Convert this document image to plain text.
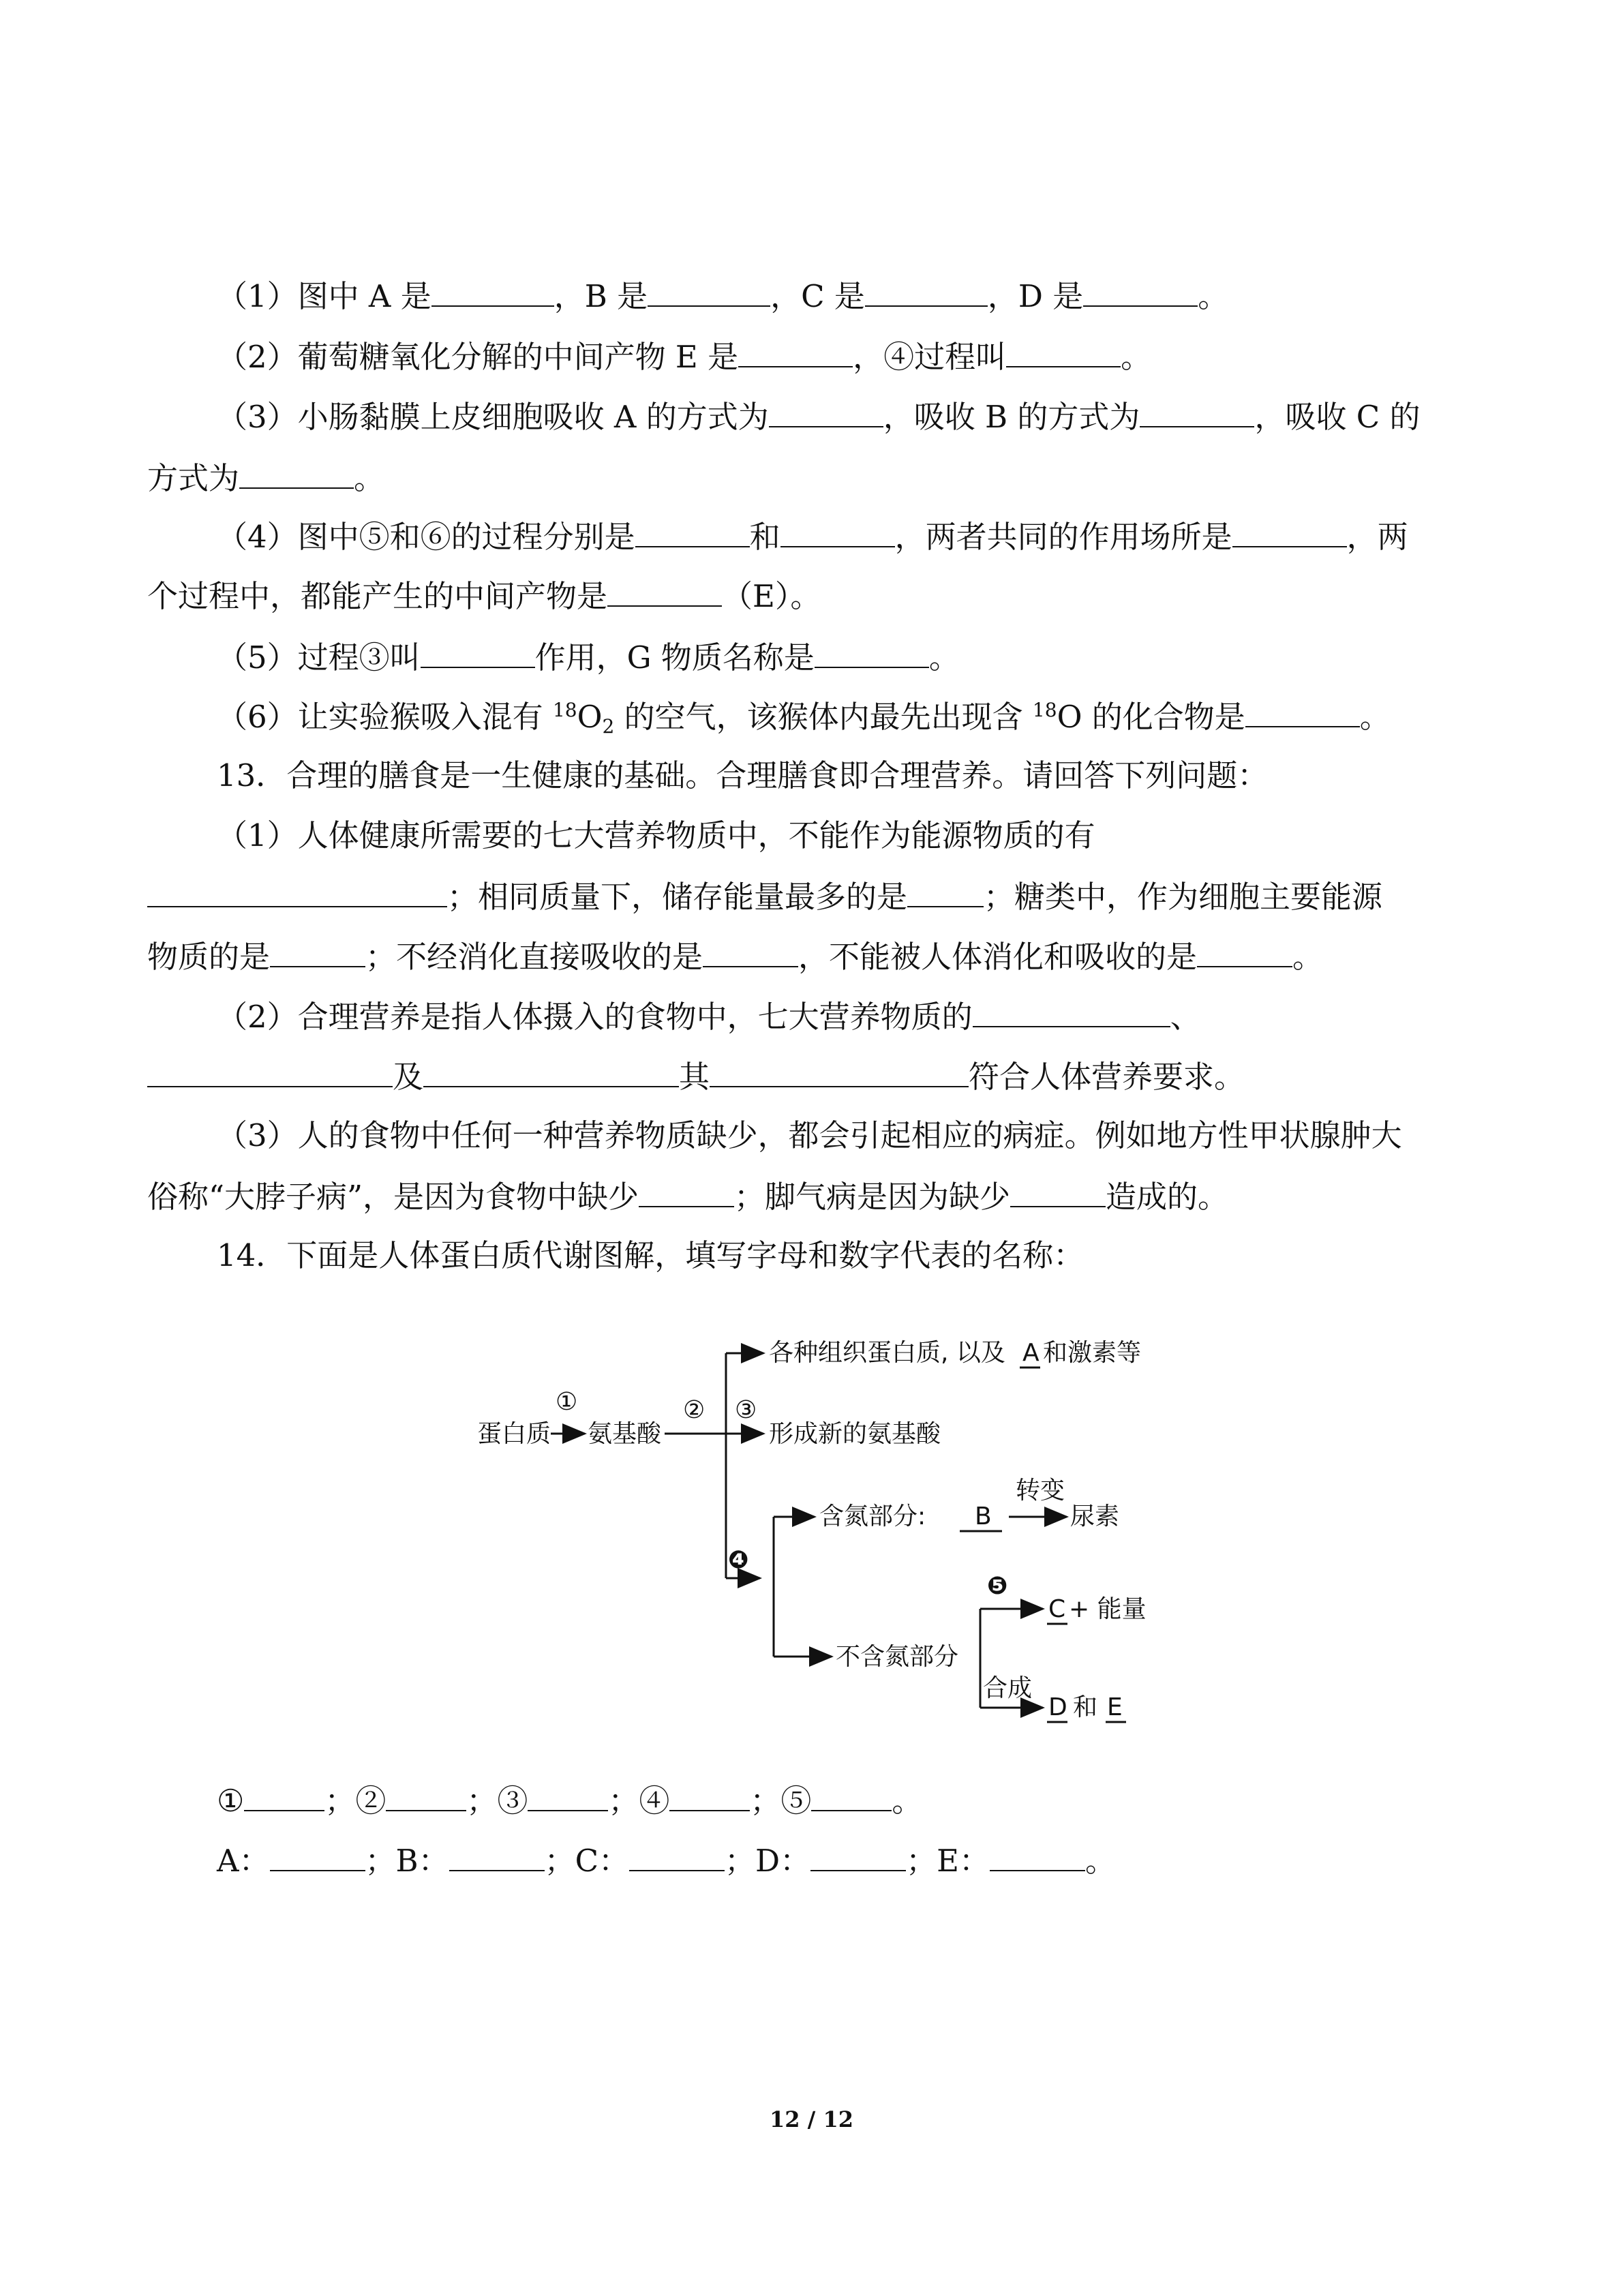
（1）图中 A 是	，B 是	，C 是	，D 是	。
（2）葡萄糖氧化分解的中间产物 E 是	，④过程叫	。
（3）小肠黏膜上皮细胞吸收 A 的方式为	，吸收 B 的方式为	，吸收 C 的
方式为	。
（4）图中⑤和⑥的过程分别是	和	，两者共同的作用场所是	，两
个过程中，都能产生的中间产物是	（E）。
（5）过程③叫	作用，G 物质名称是	。
（6）让实验猴吸入混有 $^{18}O_2$ 的空气，该猴体内最先出现含 $^{18}$O 的化合物是	。
13．合理的膳食是一生健康的基础。合理膳食即合理营养。请回答下列问题：
（1）人体健康所需要的七大营养物质中，不能作为能源物质的有
；相同质量下，储存能量最多的是 ；糖类中，作为细胞主要能源
物质的是	；不经消化直接吸收的是	，不能被人体消化和吸收的是	。
（2）合理营养是指人体摄入的食物中，七大营养物质的	、
及	其	符合人体营养要求。
（3）人的食物中任何一种营养物质缺少，都会引起相应的病症。例如地方性甲状腺肿大
俗称“大脖子病”，是因为食物中缺少	；脚气病是因为缺少	造成的。
14．下面是人体蛋白质代谢图解，填写字母和数字代表的名称：
蛋白质
①
氨基酸
② ③
各种组织蛋白质, 以及 A 和激素等
形成新的氨基酸
❹
含氮部分: B
转变
尿素
不含氮部分
❺
C + 能量
合成
D 和 E
①	；②	；③	；④	；⑤	。
A：	；B：	；C：	；D：	；E：	。
12 / 12
